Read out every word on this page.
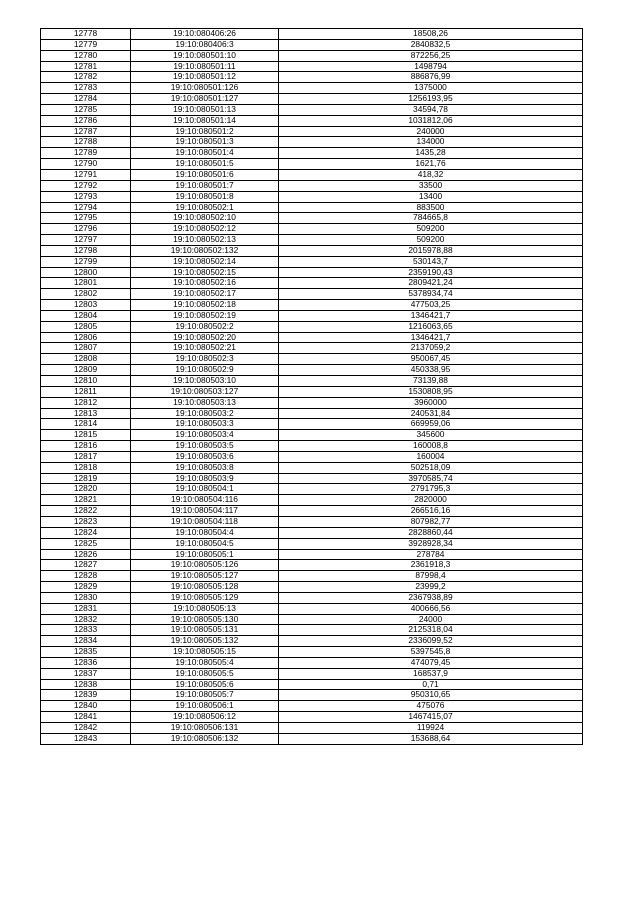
12778	19:10:080406:26	18508,26
12779	19:10:080406:3	2840832,5
12780	19:10:080501:10	872256,25
12781	19:10:080501:11	1498794
12782	19:10:080501:12	886876,99
12783	19:10:080501:126	1375000
12784	19:10:080501:127	1256193,95
12785	19:10:080501:13	34594,78
12786	19:10:080501:14	1031812,06
12787	19:10:080501:2	240000
12788	19:10:080501:3	134000
12789	19:10:080501:4	1435,28
12790	19:10:080501:5	1621,76
12791	19:10:080501:6	418,32
12792	19:10:080501:7	33500
12793	19:10:080501:8	13400
12794	19:10:080502:1	883500
12795	19:10:080502:10	784665,8
12796	19:10:080502:12	509200
12797	19:10:080502:13	509200
12798	19:10:080502:132	2015978,88
12799	19:10:080502:14	530143,7
12800	19:10:080502:15	2359190,43
12801	19:10:080502:16	2809421,24
12802	19:10:080502:17	5378934,74
12803	19:10:080502:18	477503,25
12804	19:10:080502:19	1346421,7
12805	19:10:080502:2	1216063,65
12806	19:10:080502:20	1346421,7
12807	19:10:080502:21	2137059,2
12808	19:10:080502:3	950067,45
12809	19:10:080502:9	450338,95
12810	19:10:080503:10	73139,88
12811	19:10:080503:127	1530808,95
12812	19:10:080503:13	3960000
12813	19:10:080503:2	240531,84
12814	19:10:080503:3	669959,06
12815	19:10:080503:4	345600
12816	19:10:080503:5	160008,8
12817	19:10:080503:6	160004
12818	19:10:080503:8	502518,09
12819	19:10:080503:9	3970585,74
12820	19:10:080504:1	2791795,3
12821	19:10:080504:116	2820000
12822	19:10:080504:117	266516,16
12823	19:10:080504:118	807982,77
12824	19:10:080504:4	2828860,44
12825	19:10:080504:5	3928928,34
12826	19:10:080505:1	278784
12827	19:10:080505:126	2361918,3
12828	19:10:080505:127	87998,4
12829	19:10:080505:128	23999,2
12830	19:10:080505:129	2367938,89
12831	19:10:080505:13	400666,56
12832	19:10:080505:130	24000
12833	19:10:080505:131	2125318,04
12834	19:10:080505:132	2336099,52
12835	19:10:080505:15	5397545,8
12836	19:10:080505:4	474079,45
12837	19:10:080505:5	168537,9
12838	19:10:080505:6	0,71
12839	19:10:080505:7	950310,65
12840	19:10:080506:1	475076
12841	19:10:080506:12	1467415,07
12842	19:10:080506:131	119924
12843	19:10:080506:132	153688,64
